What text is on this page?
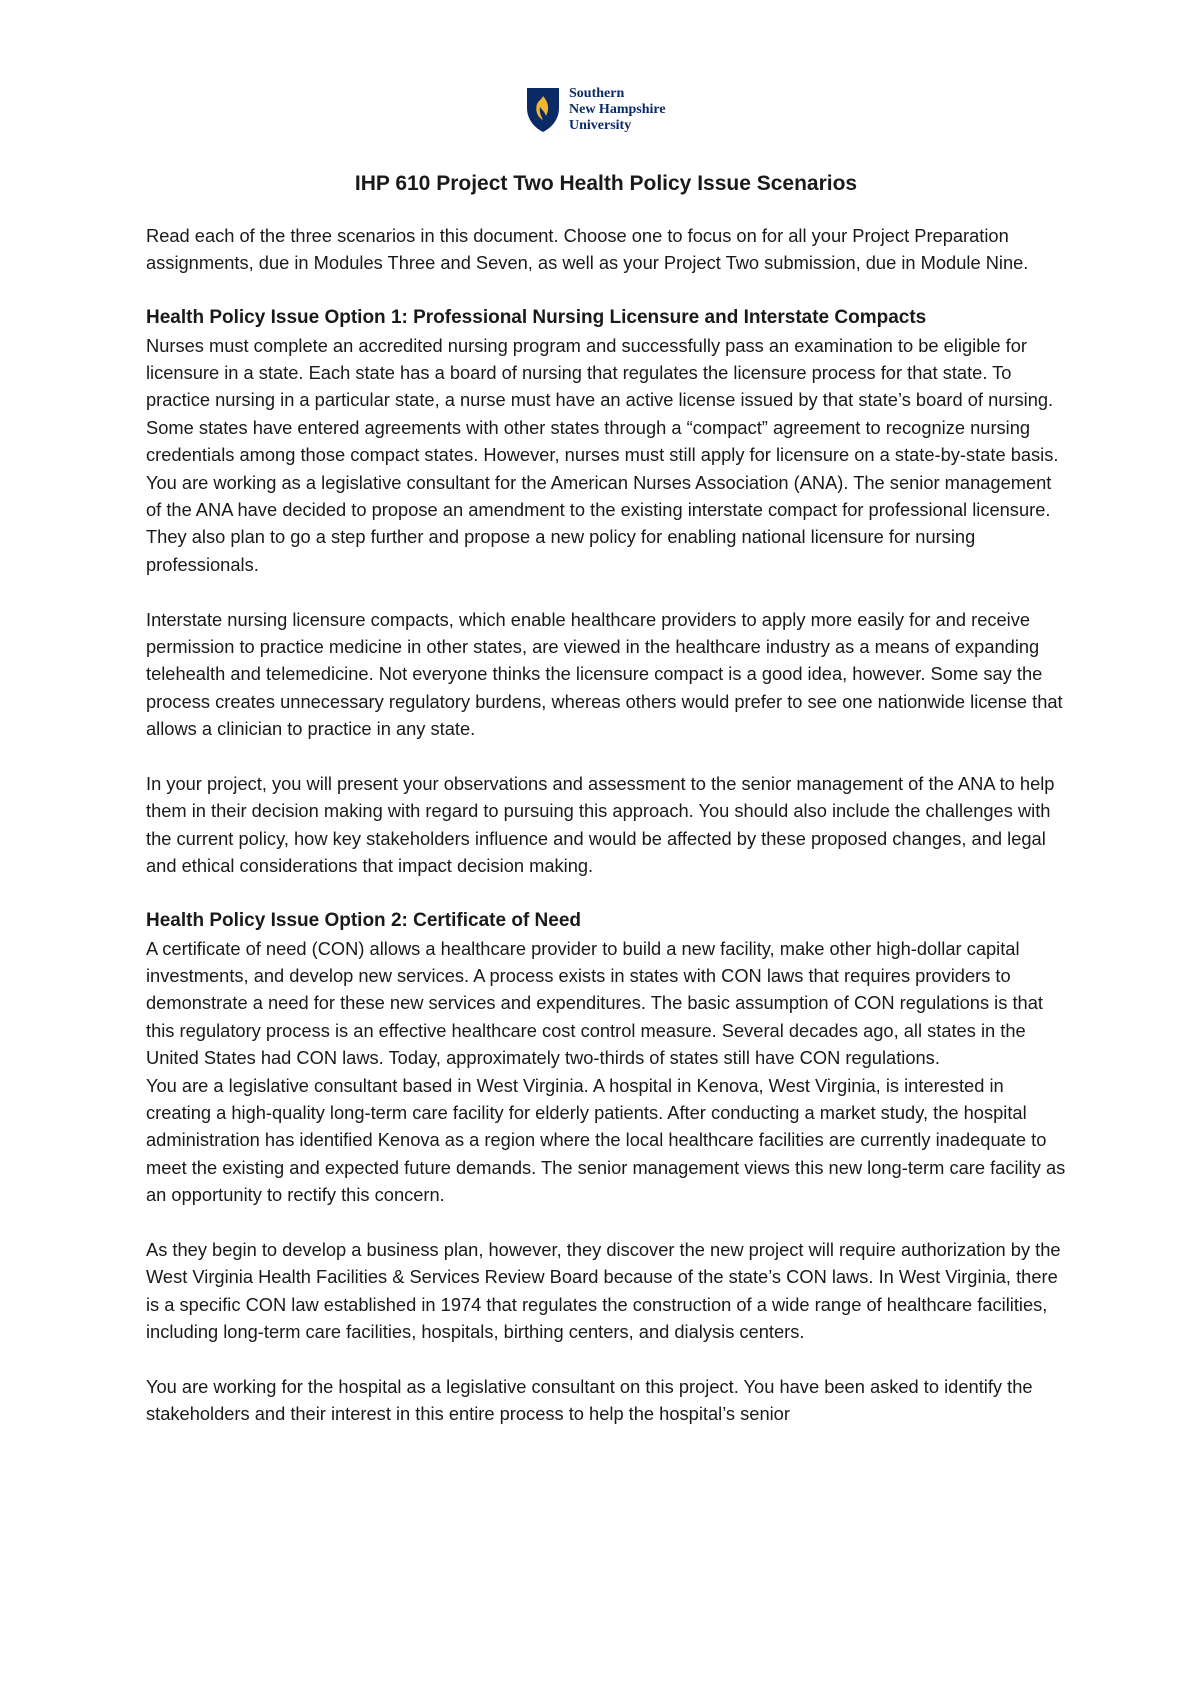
Southern
New Hampshire
University
IHP 610 Project Two Health Policy Issue Scenarios

Read each of the three scenarios in this document. Choose one to focus on for all your Project Preparation assignments, due in Modules Three and Seven, as well as your Project Two submission, due in Module Nine.

Health Policy Issue Option 1: Professional Nursing Licensure and Interstate Compacts

Nurses must complete an accredited nursing program and successfully pass an examination to be eligible for licensure in a state. Each state has a board of nursing that regulates the licensure process for that state. To practice nursing in a particular state, a nurse must have an active license issued by that state’s board of nursing. Some states have entered agreements with other states through a “compact” agreement to recognize nursing credentials among those compact states. However, nurses must still apply for licensure on a state-by-state basis.

You are working as a legislative consultant for the American Nurses Association (ANA). The senior management of the ANA have decided to propose an amendment to the existing interstate compact for professional licensure. They also plan to go a step further and propose a new policy for enabling national licensure for nursing professionals.

Interstate nursing licensure compacts, which enable healthcare providers to apply more easily for and receive permission to practice medicine in other states, are viewed in the healthcare industry as a means of expanding telehealth and telemedicine. Not everyone thinks the licensure compact is a good idea, however. Some say the process creates unnecessary regulatory burdens, whereas others would prefer to see one nationwide license that allows a clinician to practice in any state.

In your project, you will present your observations and assessment to the senior management of the ANA to help them in their decision making with regard to pursuing this approach. You should also include the challenges with the current policy, how key stakeholders influence and would be affected by these proposed changes, and legal and ethical considerations that impact decision making.

Health Policy Issue Option 2: Certificate of Need

A certificate of need (CON) allows a healthcare provider to build a new facility, make other high-dollar capital investments, and develop new services. A process exists in states with CON laws that requires providers to demonstrate a need for these new services and expenditures. The basic assumption of CON regulations is that this regulatory process is an effective healthcare cost control measure. Several decades ago, all states in the United States had CON laws. Today, approximately two-thirds of states still have CON regulations.

You are a legislative consultant based in West Virginia. A hospital in Kenova, West Virginia, is interested in creating a high-quality long-term care facility for elderly patients. After conducting a market study, the hospital administration has identified Kenova as a region where the local healthcare facilities are currently inadequate to meet the existing and expected future demands. The senior management views this new long-term care facility as an opportunity to rectify this concern.

As they begin to develop a business plan, however, they discover the new project will require authorization by the West Virginia Health Facilities & Services Review Board because of the state’s CON laws. In West Virginia, there is a specific CON law established in 1974 that regulates the construction of a wide range of healthcare facilities, including long-term care facilities, hospitals, birthing centers, and dialysis centers.

You are working for the hospital as a legislative consultant on this project. You have been asked to identify the stakeholders and their interest in this entire process to help the hospital’s senior
